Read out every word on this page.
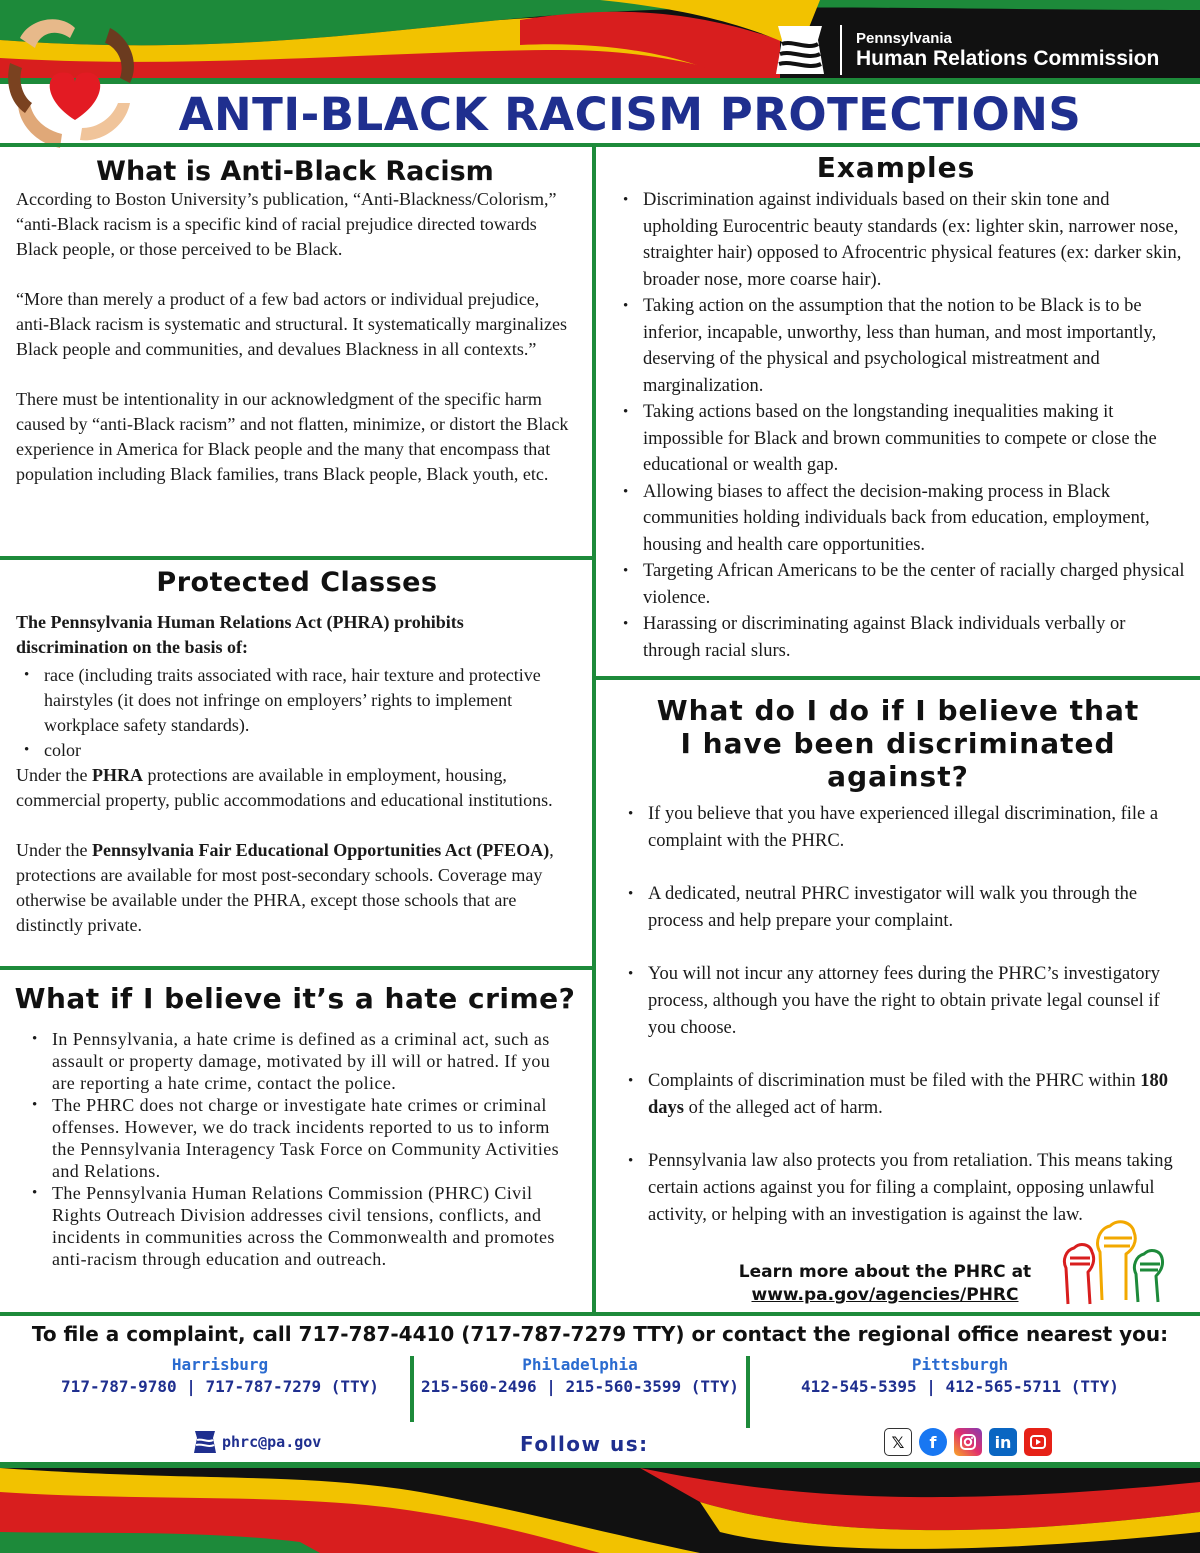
Pennsylvania
Human Relations Commission
ANTI-BLACK RACISM PROTECTIONS
What is Anti-Black Racism

According to Boston University’s publication, “Anti-Blackness/Colorism,” “anti-Black racism is a specific kind of racial prejudice directed towards Black people, or those perceived to be Black.

“More than merely a product of a few bad actors or individual prejudice, anti-Black racism is systematic and structural. It systematically marginalizes Black people and communities, and devalues Blackness in all contexts.”

There must be intentionality in our acknowledgment of the specific harm caused by “anti-Black racism” and not flatten, minimize, or distort the Black experience in America for Black people and the many that encompass that population including Black families, trans Black people, Black youth, etc.

Protected Classes

The Pennsylvania Human Relations Act (PHRA) prohibits discrimination on the basis of:

• race (including traits associated with race, hair texture and protective hairstyles (it does not infringe on employers’ rights to implement workplace safety standards).
• color

Under the PHRA protections are available in employment, housing, commercial property, public accommodations and educational institutions.

Under the Pennsylvania Fair Educational Opportunities Act (PFEOA), protections are available for most post-secondary schools. Coverage may otherwise be available under the PHRA, except those schools that are distinctly private.

What if I believe it’s a hate crime?
• In Pennsylvania, a hate crime is defined as a criminal act, such as assault or property damage, motivated by ill will or hatred. If you are reporting a hate crime, contact the police.
• The PHRC does not charge or investigate hate crimes or criminal offenses. However, we do track incidents reported to us to inform the Pennsylvania Interagency Task Force on Community Activities and Relations.
• The Pennsylvania Human Relations Commission (PHRC) Civil Rights Outreach Division addresses civil tensions, conflicts, and incidents in communities across the Commonwealth and promotes anti-racism through education and outreach.
Examples
• Discrimination against individuals based on their skin tone and upholding Eurocentric beauty standards (ex: lighter skin, narrower nose, straighter hair) opposed to Afrocentric physical features (ex: darker skin, broader nose, more coarse hair).
• Taking action on the assumption that the notion to be Black is to be inferior, incapable, unworthy, less than human, and most importantly, deserving of the physical and psychological mistreatment and marginalization.
• Taking actions based on the longstanding inequalities making it impossible for Black and brown communities to compete or close the educational or wealth gap.
• Allowing biases to affect the decision-making process in Black communities holding individuals back from education, employment, housing and health care opportunities.
• Targeting African Americans to be the center of racially charged physical violence.
• Harassing or discriminating against Black individuals verbally or through racial slurs.
What do I do if I believe that I have been discriminated against?
• If you believe that you have experienced illegal discrimination, file a complaint with the PHRC.
• A dedicated, neutral PHRC investigator will walk you through the process and help prepare your complaint.
• You will not incur any attorney fees during the PHRC’s investigatory process, although you have the right to obtain private legal counsel if you choose.
• Complaints of discrimination must be filed with the PHRC within 180 days of the alleged act of harm.
• Pennsylvania law also protects you from retaliation. This means taking certain actions against you for filing a complaint, opposing unlawful activity, or helping with an investigation is against the law.
Learn more about the PHRC at
www.pa.gov/agencies/PHRC
To file a complaint, call 717-787-4410 (717-787-7279 TTY) or contact the regional office nearest you:
Harrisburg
717-787-9780 | 717-787-7279 (TTY)
Philadelphia
215-560-2496 | 215-560-3599 (TTY)
Pittsburgh
412-545-5395 | 412-565-5711 (TTY)
phrc@pa.gov	Follow us:	𝕏	f	in
